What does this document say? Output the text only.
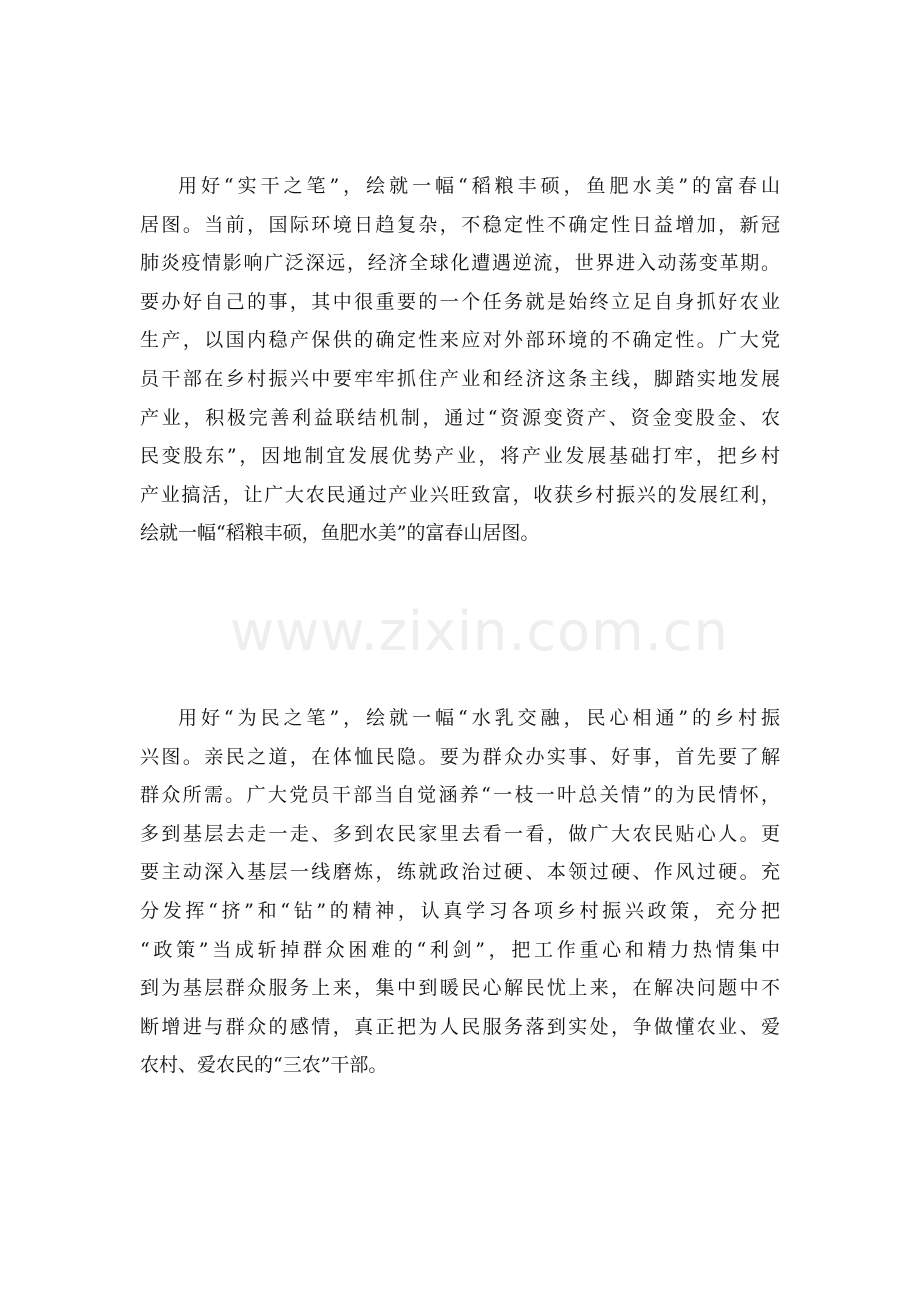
www.zixin.com.cn
用好“实干之笔”，绘就一幅“稻粮丰硕，鱼肥水美”的富春山
居图。当前，国际环境日趋复杂，不稳定性不确定性日益增加，新冠
肺炎疫情影响广泛深远，经济全球化遭遇逆流，世界进入动荡变革期。
要办好自己的事，其中很重要的一个任务就是始终立足自身抓好农业
生产，以国内稳产保供的确定性来应对外部环境的不确定性。广大党
员干部在乡村振兴中要牢牢抓住产业和经济这条主线，脚踏实地发展
产业，积极完善利益联结机制，通过“资源变资产、资金变股金、农
民变股东”，因地制宜发展优势产业，将产业发展基础打牢，把乡村
产业搞活，让广大农民通过产业兴旺致富，收获乡村振兴的发展红利，
绘就一幅“稻粮丰硕，鱼肥水美”的富春山居图。
用好“为民之笔”，绘就一幅“水乳交融，民心相通”的乡村振
兴图。亲民之道，在体恤民隐。要为群众办实事、好事，首先要了解
群众所需。广大党员干部当自觉涵养“一枝一叶总关情”的为民情怀，
多到基层去走一走、多到农民家里去看一看，做广大农民贴心人。更
要主动深入基层一线磨炼，练就政治过硬、本领过硬、作风过硬。充
分发挥“挤”和“钻”的精神，认真学习各项乡村振兴政策，充分把
“政策”当成斩掉群众困难的“利剑”，把工作重心和精力热情集中
到为基层群众服务上来，集中到暖民心解民忧上来，在解决问题中不
断增进与群众的感情，真正把为人民服务落到实处，争做懂农业、爱
农村、爱农民的“三农”干部。
